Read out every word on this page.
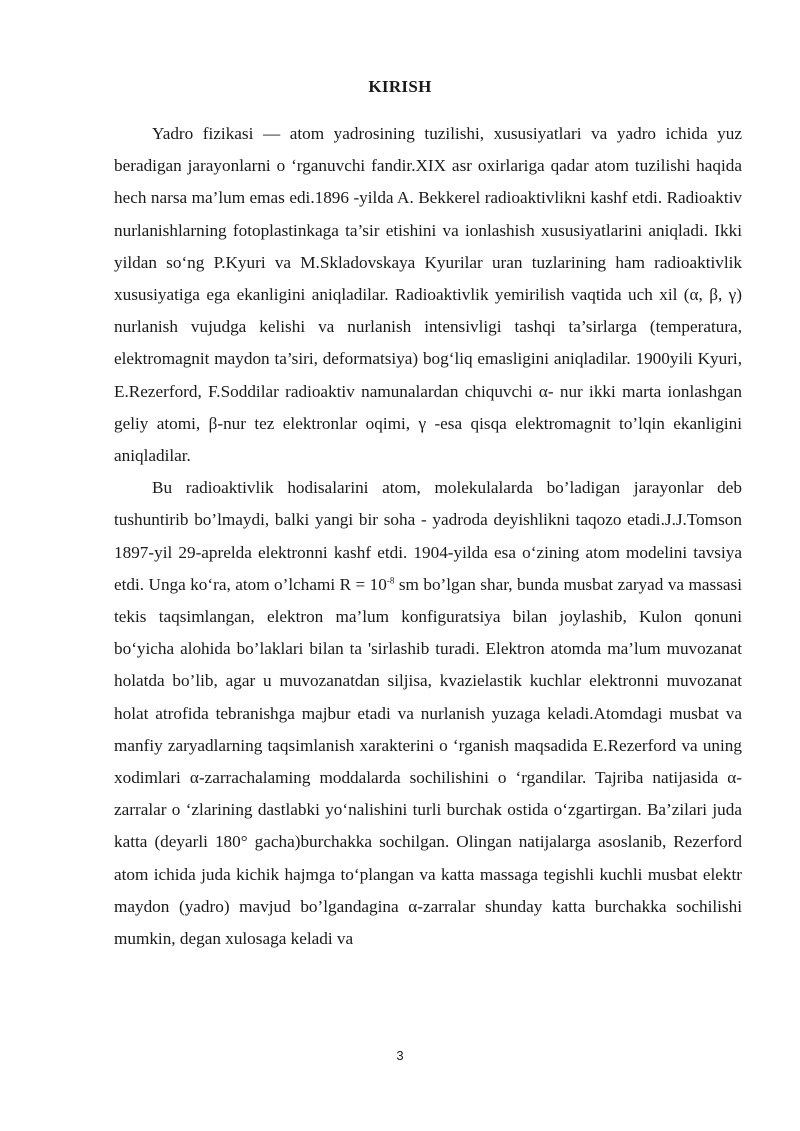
KIRISH

Yadro fizikasi — atom yadrosining tuzilishi, xususiyatlari va yadro ichida yuz beradigan jarayonlarni o ‘rganuvchi fandir.XIX asr oxirlariga qadar atom tuzilishi haqida hech narsa ma’lum emas edi.1896 -yilda A. Bekkerel radioaktivlikni kashf etdi. Radioaktiv nurlanishlarning fotoplastinkaga ta’sir etishini va ionlashish xususiyatlarini aniqladi. Ikki yildan so‘ng P.Kyuri va M.Skladovskaya Kyurilar uran tuzlarining ham radioaktivlik xususiyatiga ega ekanligini aniqladilar. Radioaktivlik yemirilish vaqtida uch xil (α, β, γ) nurlanish vujudga kelishi va nurlanish intensivligi tashqi ta’sirlarga (temperatura, elektromagnit maydon ta’siri, deformatsiya) bog‘liq emasligini aniqladilar. 1900yili Kyuri, E.Rezerford, F.Soddilar radioaktiv namunalardan chiquvchi α- nur ikki marta ionlashgan geliy atomi, β-nur tez elektronlar oqimi, γ -esa qisqa elektromagnit to’lqin ekanligini aniqladilar.

Bu radioaktivlik hodisalarini atom, molekulalarda bo’ladigan jarayonlar deb tushuntirib bo’lmaydi, balki yangi bir soha - yadroda deyishlikni taqozo etadi.J.J.Tomson 1897-yil 29-aprelda elektronni kashf etdi. 1904-yilda esa o‘zining atom modelini tavsiya etdi. Unga ko‘ra, atom o’lchami $R = 10^{-8}$ sm bo’lgan shar, bunda musbat zaryad va massasi tekis taqsimlangan, elektron ma’lum konfiguratsiya bilan joylashib, Kulon qonuni bo‘yicha alohida bo’laklari bilan ta 'sirlashib turadi. Elektron atomda ma’lum muvozanat holatda bo’lib, agar u muvozanatdan siljisa, kvazielastik kuchlar elektronni muvozanat holat atrofida tebranishga majbur etadi va nurlanish yuzaga keladi.Atomdagi musbat va manfiy zaryadlarning taqsimlanish xarakterini o ‘rganish maqsadida E.Rezerford va uning xodimlari α-zarrachalaming moddalarda sochilishini o ‘rgandilar. Tajriba natijasida α-zarralar o ‘zlarining dastlabki yo‘nalishini turli burchak ostida o‘zgartirgan. Ba’zilari juda katta (deyarli 180° gacha)burchakka sochilgan. Olingan natijalarga asoslanib, Rezerford atom ichida juda kichik hajmga to‘plangan va katta massaga tegishli kuchli musbat elektr maydon (yadro) mavjud bo’lgandagina α-zarralar shunday katta burchakka sochilishi mumkin, degan xulosaga keladi va

3
